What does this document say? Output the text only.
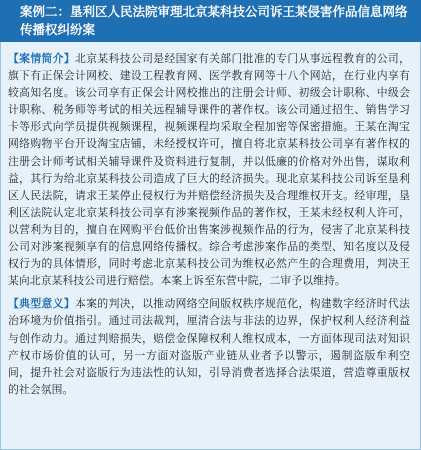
案例二：垦利区人民法院审理北京某科技公司诉王某侵害作品信息网络传播权纠纷案

【案情简介】北京某科技公司是经国家有关部门批准的专门从事远程教育的公司，旗下有正保会计网校、建设工程教育网、医学教育网等十八个网站，在行业内享有较高知名度。该公司享有正保会计网校推出的注册会计师、初级会计职称、中级会计职称、税务师等考试的相关远程辅导课件的著作权。该公司通过招生、销售学习卡等形式向学员提供视频课程，视频课程均采取全程加密等保密措施。王某在淘宝网络购物平台开设淘宝店铺，未经授权许可，擅自将北京某科技公司享有著作权的注册会计师考试相关辅导课件及资料进行复制，并以低廉的价格对外出售，谋取利益，其行为给北京某科技公司造成了巨大的经济损失。现北京某科技公司诉至垦利区人民法院，请求王某停止侵权行为并赔偿经济损失及合理维权开支。经审理，垦利区法院认定北京某科技公司享有涉案视频作品的著作权，王某未经权利人许可，以营利为目的，擅自在网购平台低价出售案涉视频作品的行为，侵害了北京某科技公司对涉案视频享有的信息网络传播权。综合考虑涉案作品的类型、知名度以及侵权行为的具体情形，同时考虑北京某科技公司为维权必然产生的合理费用，判决王某向北京某科技公司进行赔偿。本案上诉至东营中院，二审予以维持。

【典型意义】本案的判决，以推动网络空间版权秩序规范化，构建数字经济时代法治环境为价值指引。通过司法裁判，厘清合法与非法的边界，保护权利人经济利益与创作动力。通过判赔损失，赔偿金保障权利人维权成本，一方面体现司法对知识产权市场价值的认可，另一方面对盗版产业链从业者予以警示，遏制盗版牟利空间，提升社会对盗版行为违法性的认知，引导消费者选择合法渠道，营造尊重版权的社会氛围。
